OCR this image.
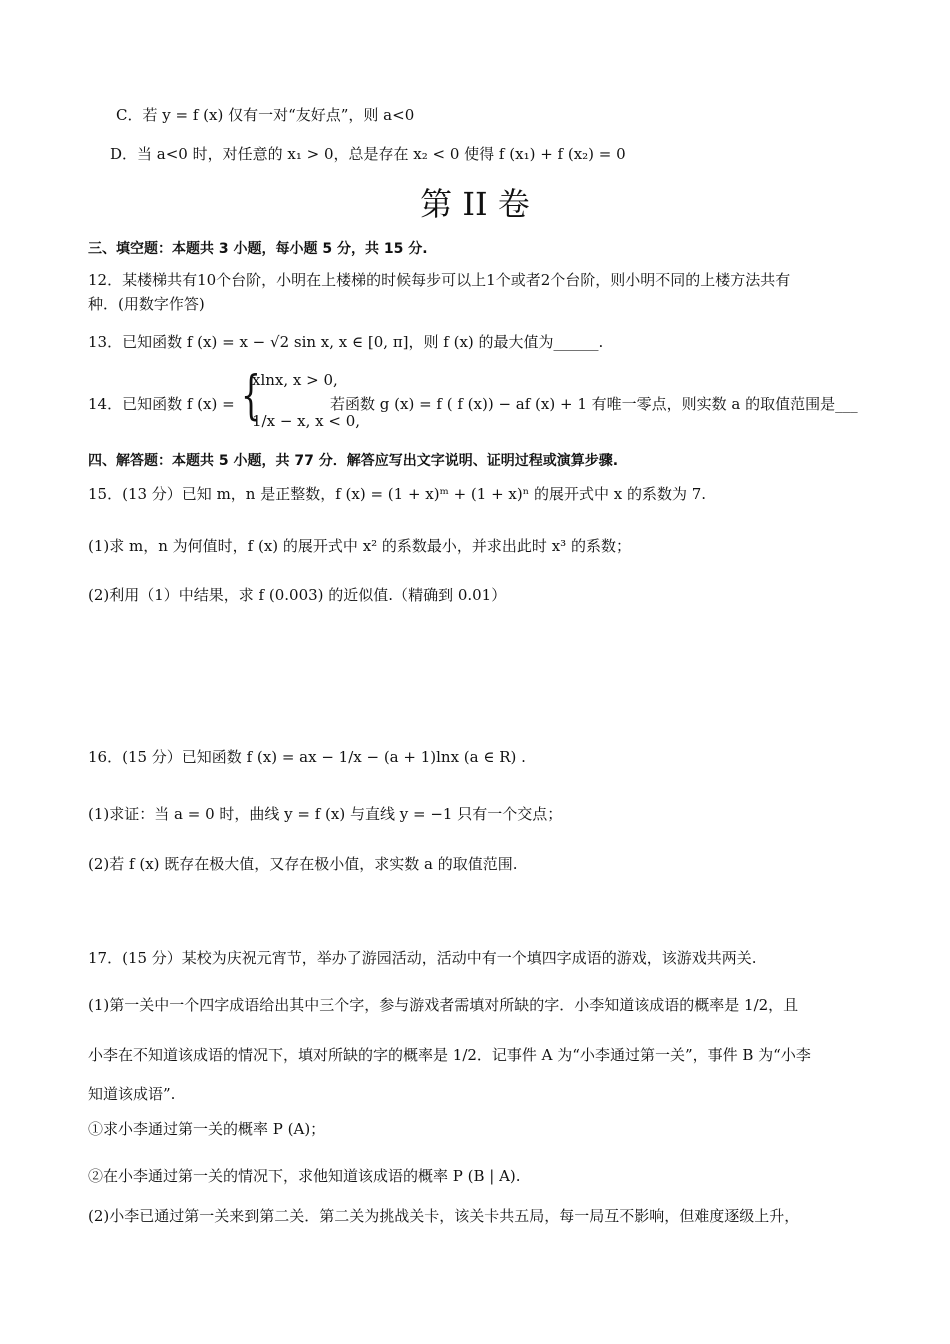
C．若 y = f (x) 仅有一对“友好点”，则 a<0
D．当 a<0 时，对任意的 x₁ > 0，总是存在 x₂ < 0 使得 f (x₁) + f (x₂) = 0
第 II 卷
三、填空题：本题共 3 小题，每小题 5 分，共 15 分.
12．某楼梯共有10个台阶，小明在上楼梯的时候每步可以上1个或者2个台阶，则小明不同的上楼方法共有
种．(用数字作答)
13．已知函数 f (x) = x − √2 sin x, x ∈ [0, π]，则 f (x) 的最大值为______.
14．已知函数 f (x) = {
xlnx, x > 0,
1/x − x, x < 0,
若函数 g (x) = f ( f (x)) − af (x) + 1 有唯一零点，则实数 a 的取值范围是___
四、解答题：本题共 5 小题，共 77 分．解答应写出文字说明、证明过程或演算步骤.
15．(13 分）已知 m，n 是正整数，f (x) = (1 + x)ᵐ + (1 + x)ⁿ 的展开式中 x 的系数为 7.
(1)求 m，n 为何值时，f (x) 的展开式中 x² 的系数最小，并求出此时 x³ 的系数；
(2)利用（1）中结果，求 f (0.003) 的近似值.（精确到 0.01）
16．(15 分）已知函数 f (x) = ax − 1/x − (a + 1)lnx (a ∈ R) .
(1)求证：当 a = 0 时，曲线 y = f (x) 与直线 y = −1 只有一个交点；
(2)若 f (x) 既存在极大值，又存在极小值，求实数 a 的取值范围.
17．(15 分）某校为庆祝元宵节，举办了游园活动，活动中有一个填四字成语的游戏，该游戏共两关.
(1)第一关中一个四字成语给出其中三个字，参与游戏者需填对所缺的字．小李知道该成语的概率是 1/2，且
小李在不知道该成语的情况下，填对所缺的字的概率是 1/2．记事件 A 为“小李通过第一关”，事件 B 为“小李
知道该成语”.
①求小李通过第一关的概率 P (A)；
②在小李通过第一关的情况下，求他知道该成语的概率 P (B | A).
(2)小李已通过第一关来到第二关．第二关为挑战关卡，该关卡共五局，每一局互不影响，但难度逐级上升，
